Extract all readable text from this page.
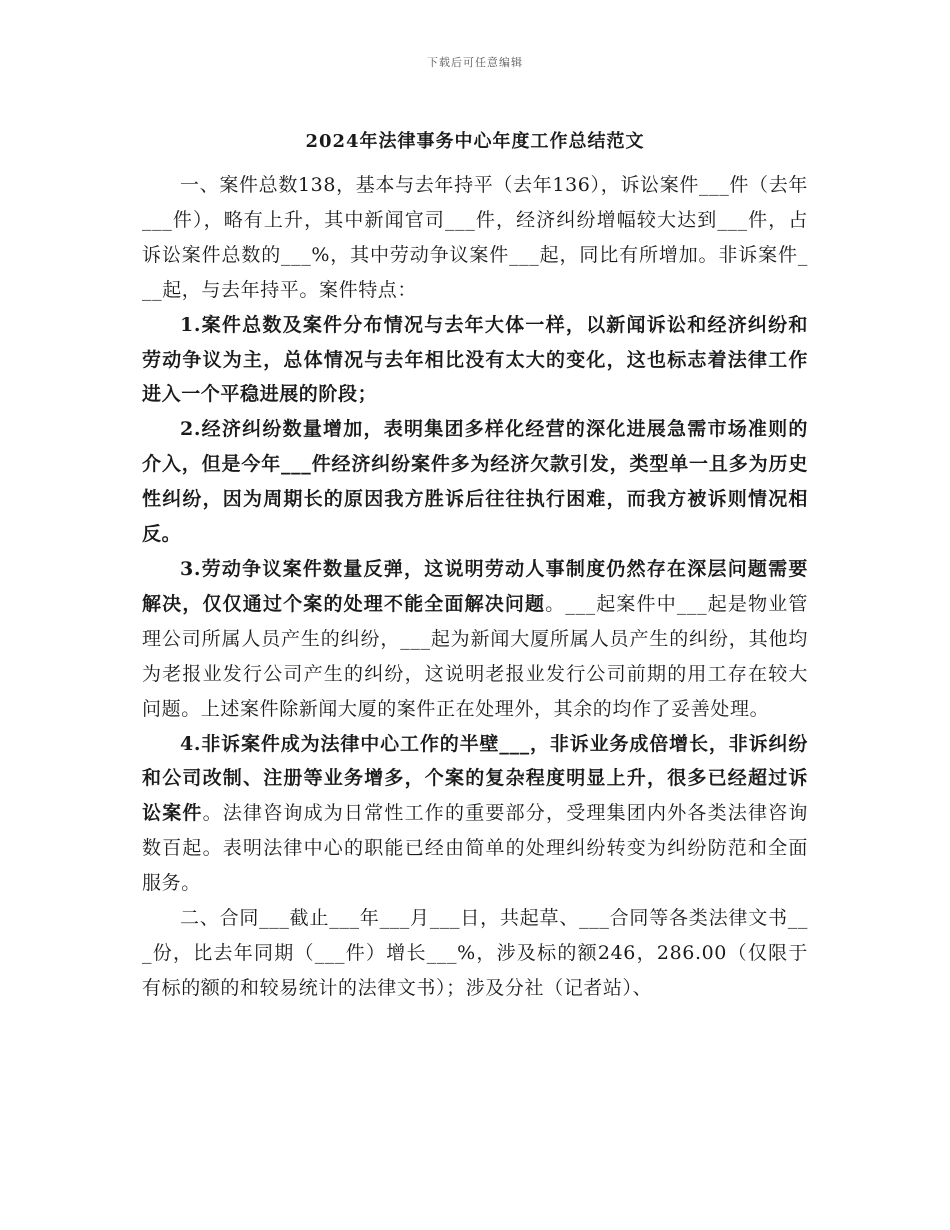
下载后可任意编辑
2024年法律事务中心年度工作总结范文

一、案件总数138，基本与去年持平（去年136），诉讼案件___件（去年___件），略有上升，其中新闻官司___件，经济纠纷增幅较大达到___件，占诉讼案件总数的___%，其中劳动争议案件___起，同比有所增加。非诉案件___起，与去年持平。案件特点：

1.案件总数及案件分布情况与去年大体一样，以新闻诉讼和经济纠纷和劳动争议为主，总体情况与去年相比没有太大的变化，这也标志着法律工作进入一个平稳进展的阶段；

2.经济纠纷数量增加，表明集团多样化经营的深化进展急需市场准则的介入，但是今年___件经济纠纷案件多为经济欠款引发，类型单一且多为历史性纠纷，因为周期长的原因我方胜诉后往往执行困难，而我方被诉则情况相反。

3.劳动争议案件数量反弹，这说明劳动人事制度仍然存在深层问题需要解决，仅仅通过个案的处理不能全面解决问题。___起案件中___起是物业管理公司所属人员产生的纠纷，___起为新闻大厦所属人员产生的纠纷，其他均为老报业发行公司产生的纠纷，这说明老报业发行公司前期的用工存在较大问题。上述案件除新闻大厦的案件正在处理外，其余的均作了妥善处理。

4.非诉案件成为法律中心工作的半壁___，非诉业务成倍增长，非诉纠纷和公司改制、注册等业务增多，个案的复杂程度明显上升，很多已经超过诉讼案件。法律咨询成为日常性工作的重要部分，受理集团内外各类法律咨询数百起。表明法律中心的职能已经由简单的处理纠纷转变为纠纷防范和全面服务。

二、合同___截止___年___月___日，共起草、___合同等各类法律文书___份，比去年同期（___件）增长___%，涉及标的额246，286.00（仅限于有标的额的和较易统计的法律文书）；涉及分社（记者站）、
